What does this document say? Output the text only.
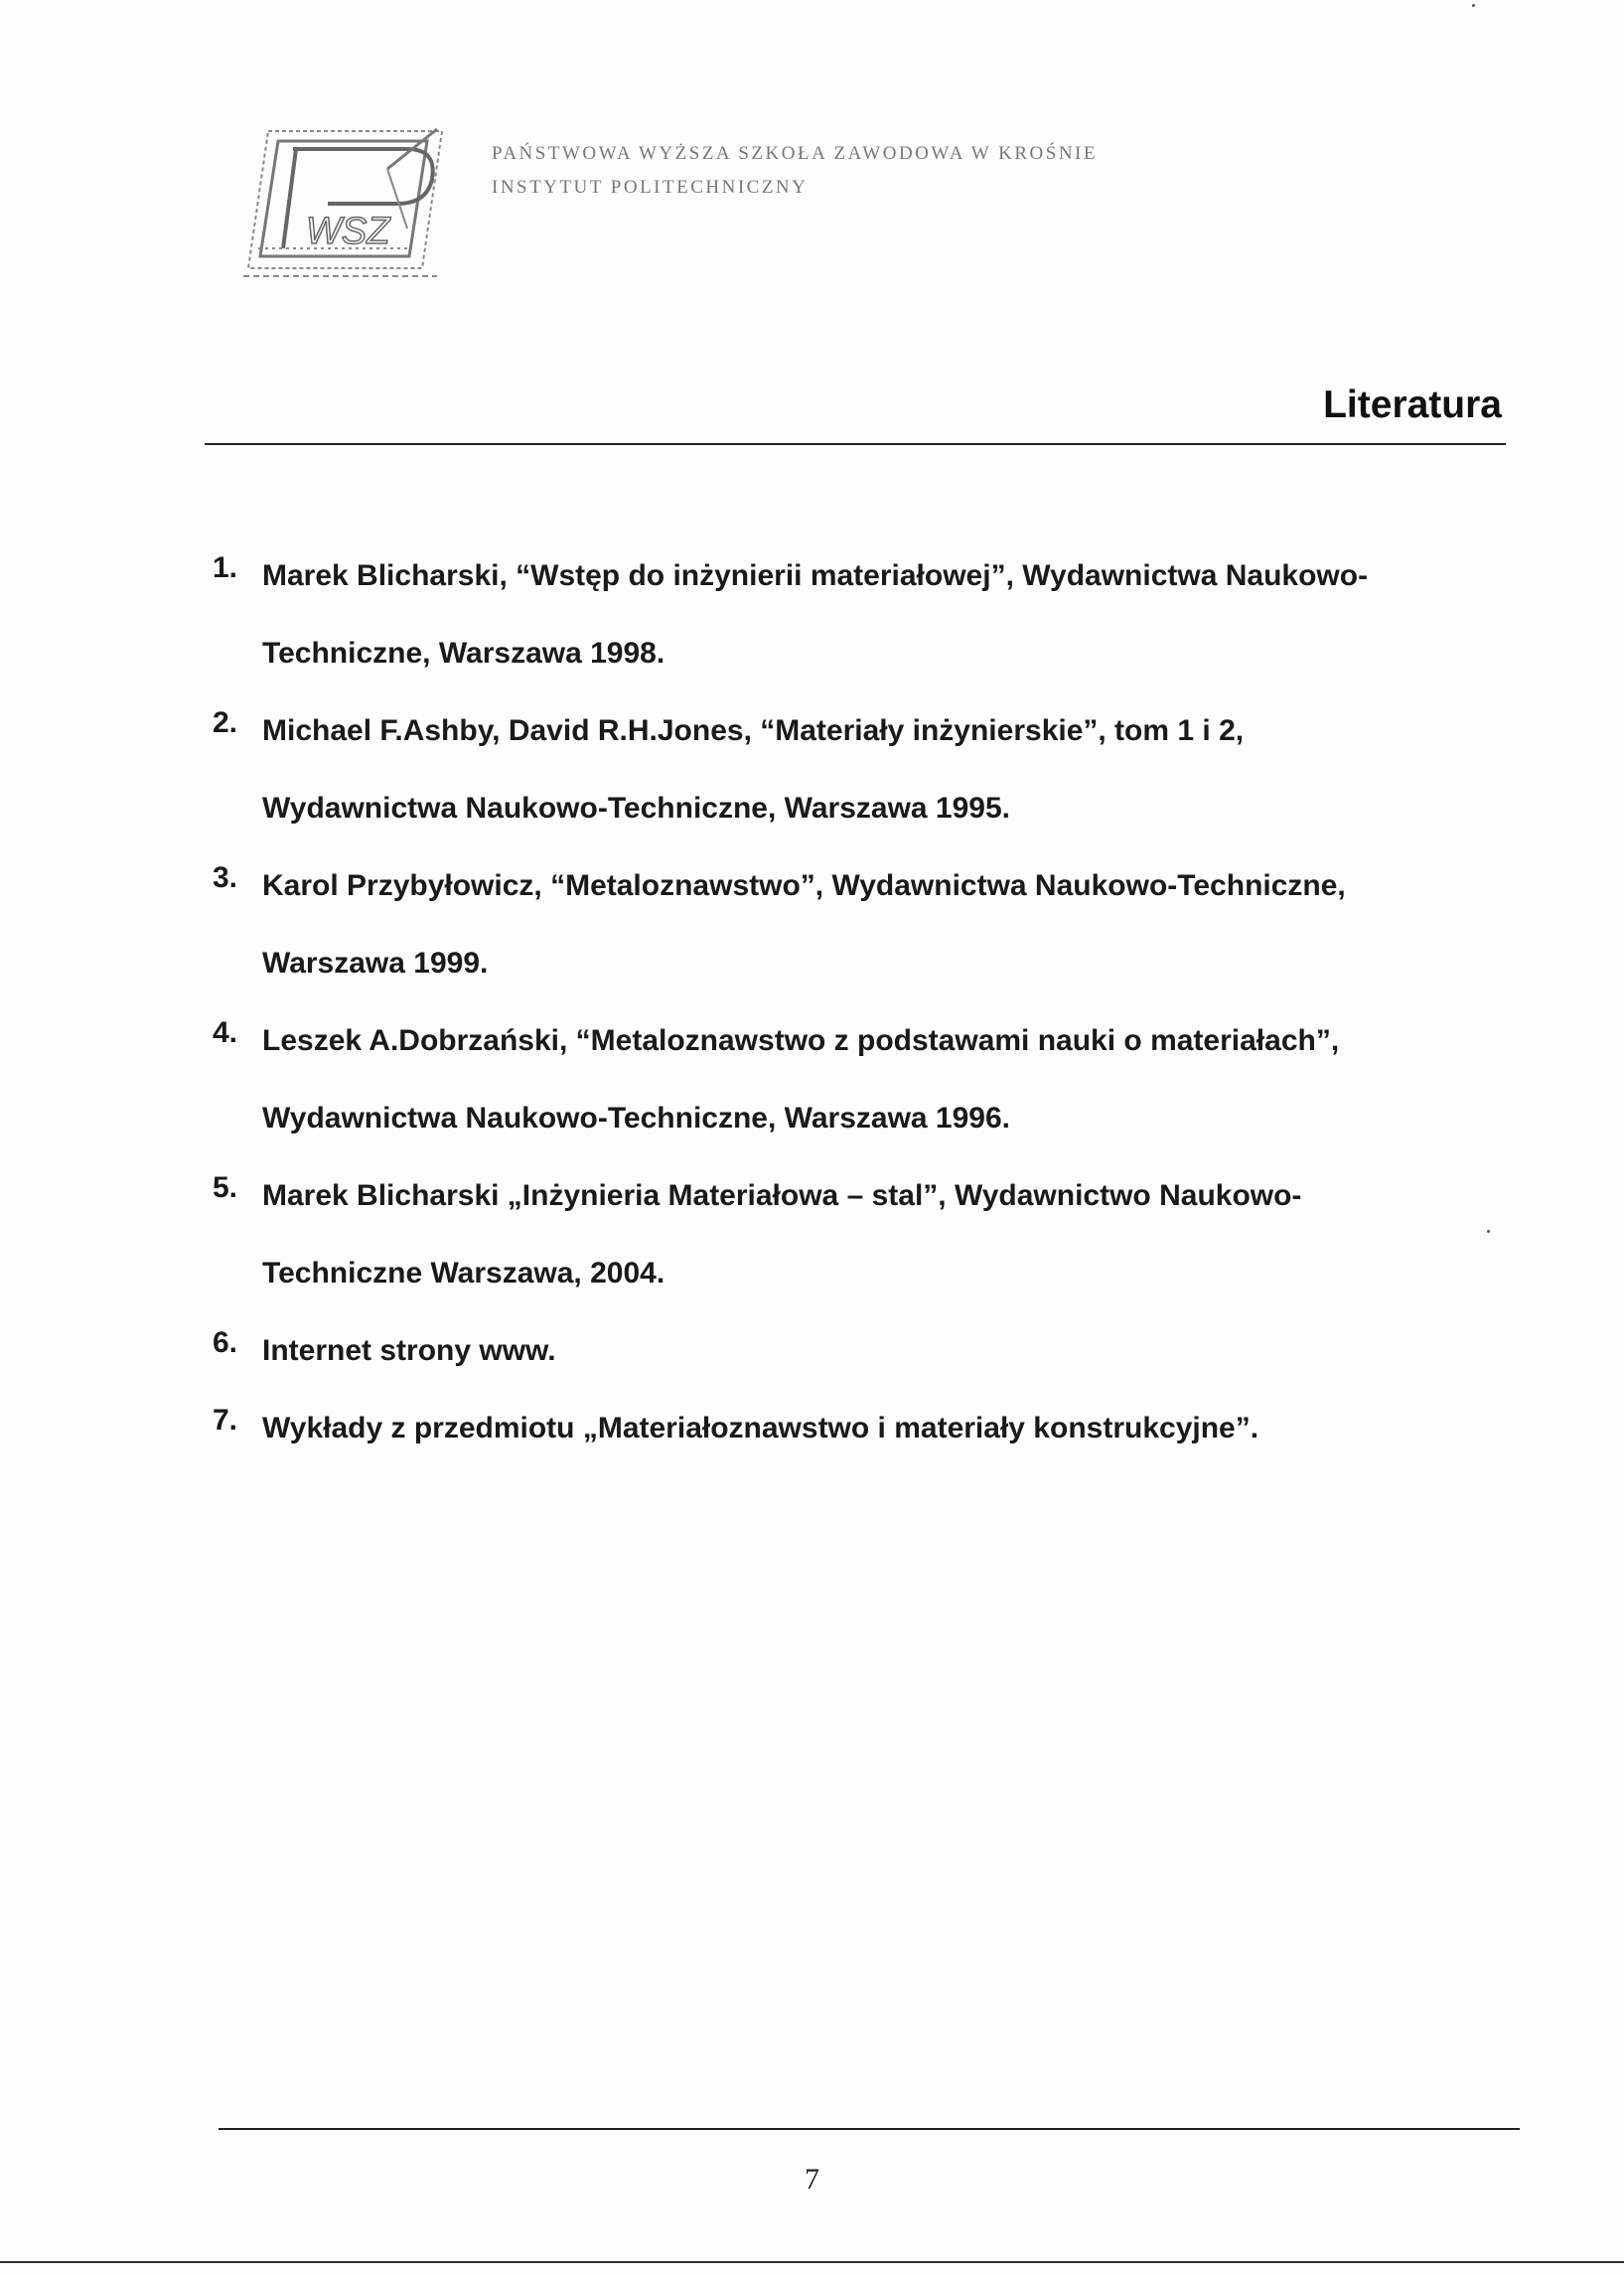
WSZ
PAŃSTWOWA WYŻSZA SZKOŁA ZAWODOWA W KROŚNIE
INSTYTUT POLITECHNICZNY
Literatura
1. Marek Blicharski, “Wstęp do inżynierii materiałowej”, Wydawnictwa Naukowo-
Techniczne, Warszawa 1998.
2. Michael F.Ashby, David R.H.Jones, “Materiały inżynierskie”, tom 1 i 2,
Wydawnictwa Naukowo-Techniczne, Warszawa 1995.
3. Karol Przybyłowicz, “Metaloznawstwo”, Wydawnictwa Naukowo-Techniczne,
Warszawa 1999.
4. Leszek A.Dobrzański, “Metaloznawstwo z podstawami nauki o materiałach”,
Wydawnictwa Naukowo-Techniczne, Warszawa 1996.
5. Marek Blicharski „Inżynieria Materiałowa – stal”, Wydawnictwo Naukowo-
Techniczne Warszawa, 2004.
6. Internet strony www.
7. Wykłady z przedmiotu „Materiałoznawstwo i materiały konstrukcyjne”.
7
